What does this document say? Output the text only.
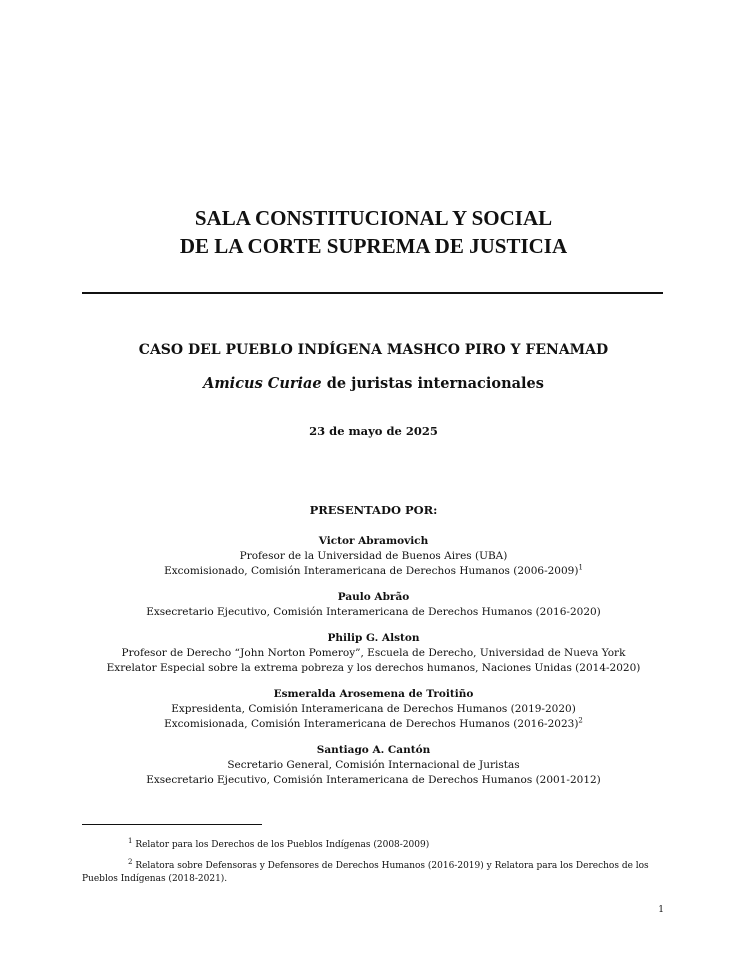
SALA CONSTITUCIONAL Y SOCIAL
DE LA CORTE SUPREMA DE JUSTICIA
CASO DEL PUEBLO INDÍGENA MASHCO PIRO Y FENAMAD
Amicus Curiae de juristas internacionales
23 de mayo de 2025
PRESENTADO POR:
Victor Abramovich
Profesor de la Universidad de Buenos Aires (UBA)
Excomisionado, Comisión Interamericana de Derechos Humanos (2006-2009)$^1$
Paulo Abrão
Exsecretario Ejecutivo, Comisión Interamericana de Derechos Humanos (2016-2020)
Philip G. Alston
Profesor de Derecho “John Norton Pomeroy”, Escuela de Derecho, Universidad de Nueva York
Exrelator Especial sobre la extrema pobreza y los derechos humanos, Naciones Unidas (2014-2020)
Esmeralda Arosemena de Troitiño
Expresidenta, Comisión Interamericana de Derechos Humanos (2019-2020)
Excomisionada, Comisión Interamericana de Derechos Humanos (2016-2023)$^2$
Santiago A. Cantón
Secretario General, Comisión Internacional de Juristas
Exsecretario Ejecutivo, Comisión Interamericana de Derechos Humanos (2001-2012)
$^1$ Relator para los Derechos de los Pueblos Indígenas (2008-2009)
$^2$ Relatora sobre Defensoras y Defensores de Derechos Humanos (2016-2019) y Relatora para los Derechos de los Pueblos Indígenas (2018-2021).
1
